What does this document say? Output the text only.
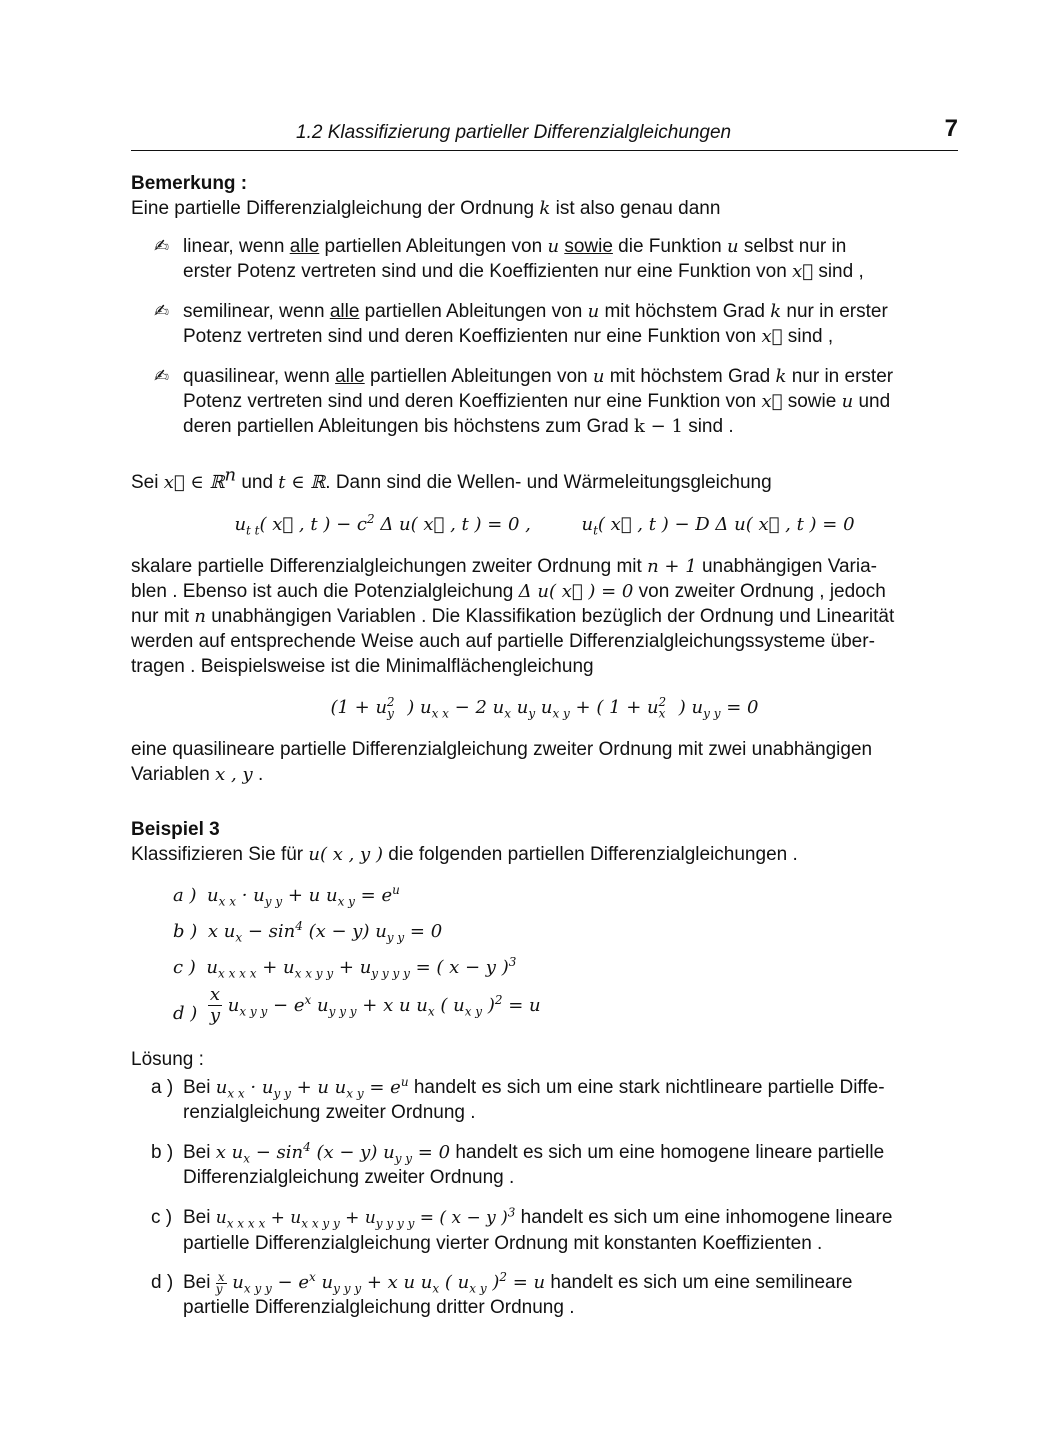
1.2 Klassifizierung partieller Differenzialgleichungen	7
Bemerkung :
Eine partielle Differenzialgleichung der Ordnung k ist also genau dann
✍ linear, wenn alle partiellen Ableitungen von u sowie die Funktion u selbst nur in
erster Potenz vertreten sind und die Koeffizienten nur eine Funktion von x⃗ sind ,
✍ semilinear, wenn alle partiellen Ableitungen von u mit höchstem Grad k nur in erster
Potenz vertreten sind und deren Koeffizienten nur eine Funktion von x⃗ sind ,
✍ quasilinear, wenn alle partiellen Ableitungen von u mit höchstem Grad k nur in erster
Potenz vertreten sind und deren Koeffizienten nur eine Funktion von x⃗ sowie u und
deren partiellen Ableitungen bis höchstens zum Grad k − 1 sind .
Sei x⃗ ∈ ℝ$^n$ und t ∈ ℝ. Dann sind die Wellen- und Wärmeleitungsgleichung
$u_{t t}$( x⃗ , t ) − $c^2$ Δ u( x⃗ , t ) = 0 ,	$u_t$( x⃗ , t ) − D Δ u( x⃗ , t ) = 0
skalare partielle Differenzialgleichungen zweiter Ordnung mit n + 1 unabhängigen Varia-
blen . Ebenso ist auch die Potenzialgleichung Δ u( x⃗ ) = 0 von zweiter Ordnung , jedoch
nur mit n unabhängigen Variablen . Die Klassifikation bezüglich der Ordnung und Linearität
werden auf entsprechende Weise auch auf partielle Differenzialgleichungssysteme über-
tragen . Beispielsweise ist die Minimalflächengleichung
($1 + u_y^2$ ) $u_{x x} - 2$ $u_x$ $u_y$ $u_{x y}$ + ( $1 + u_x^2$ ) $u_{y y} = 0$
eine quasilineare partielle Differenzialgleichung zweiter Ordnung mit zwei unabhängigen
Variablen x , y .
Beispiel 3
Klassifizieren Sie für u( x , y ) die folgenden partiellen Differenzialgleichungen .
a ) $u_{x x} \cdot u_{y y} + u$ $u_{x y} = e^u$
b ) x $u_x - \sin^4 (x - y) u_{y y} = 0$
c ) $u_{x x x x} + u_{x x y y} + u_{y y y y}$ = ( x − y )$^3$
d ) $\frac{x}{y} u_{x y y} - e^x$ $u_{y y y} + x$ u $u_x$ ( $u_{x y}$ )$^2$ = u
Lösung :
a ) Bei $u_{x x} \cdot u_{y y} + u$ $u_{x y} = e^u$ handelt es sich um eine stark nichtlineare partielle Diffe-
renzialgleichung zweiter Ordnung .
b ) Bei x $u_x - \sin^4 (x - y) u_{y y} = 0$ handelt es sich um eine homogene lineare partielle
Differenzialgleichung zweiter Ordnung .
c ) Bei $u_{x x x x} + u_{x x y y} + u_{y y y y}$ = ( x − y )$^3$ handelt es sich um eine inhomogene lineare
partielle Differenzialgleichung vierter Ordnung mit konstanten Koeffizienten .
d ) Bei $\frac{x}{y} u_{x y y} - e^x$ $u_{y y y} + x$ u $u_x$ ( $u_{x y}$ )$^2$ = u handelt es sich um eine semilineare
partielle Differenzialgleichung dritter Ordnung .
